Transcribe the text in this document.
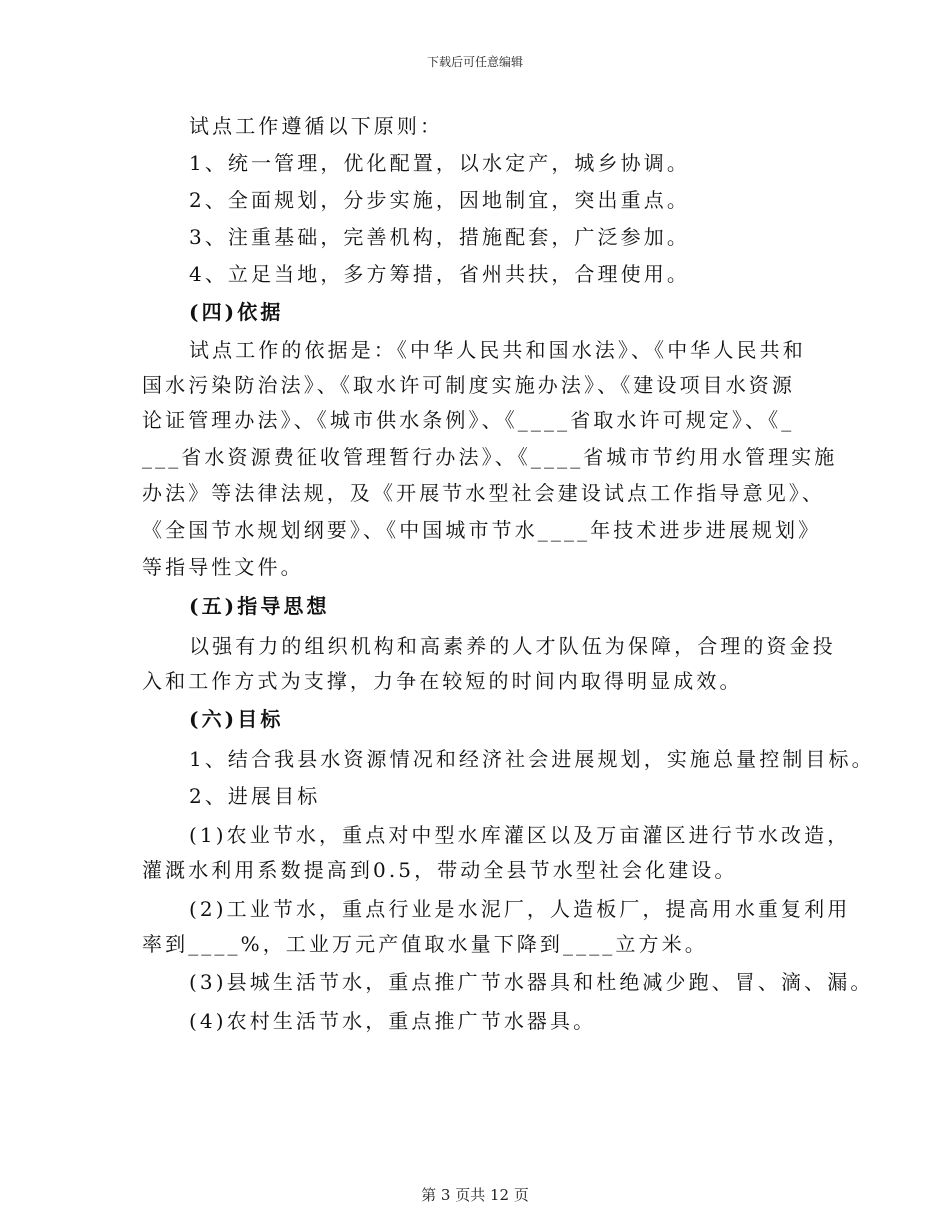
下载后可任意编辑
试点工作遵循以下原则：
1、统一管理，优化配置，以水定产，城乡协调。
2、全面规划，分步实施，因地制宜，突出重点。
3、注重基础，完善机构，措施配套，广泛参加。
4、立足当地，多方筹措，省州共扶，合理使用。
(四)依据
试点工作的依据是：《中华人民共和国水法》、《中华人民共和
国水污染防治法》、《取水许可制度实施办法》、《建设项目水资源
论证管理办法》、《城市供水条例》、《____省取水许可规定》、《_
___省水资源费征收管理暂行办法》、《____省城市节约用水管理实施
办法》等法律法规，及《开展节水型社会建设试点工作指导意见》、
《全国节水规划纲要》、《中国城市节水____年技术进步进展规划》
等指导性文件。
(五)指导思想
以强有力的组织机构和高素养的人才队伍为保障，合理的资金投
入和工作方式为支撑，力争在较短的时间内取得明显成效。
(六)目标
1、结合我县水资源情况和经济社会进展规划，实施总量控制目标。
2、进展目标
(1)农业节水，重点对中型水库灌区以及万亩灌区进行节水改造，
灌溉水利用系数提高到0.5，带动全县节水型社会化建设。
(2)工业节水，重点行业是水泥厂，人造板厂，提高用水重复利用
率到____%，工业万元产值取水量下降到____立方米。
(3)县城生活节水，重点推广节水器具和杜绝减少跑、冒、滴、漏。
(4)农村生活节水，重点推广节水器具。
第 3 页共 12 页
